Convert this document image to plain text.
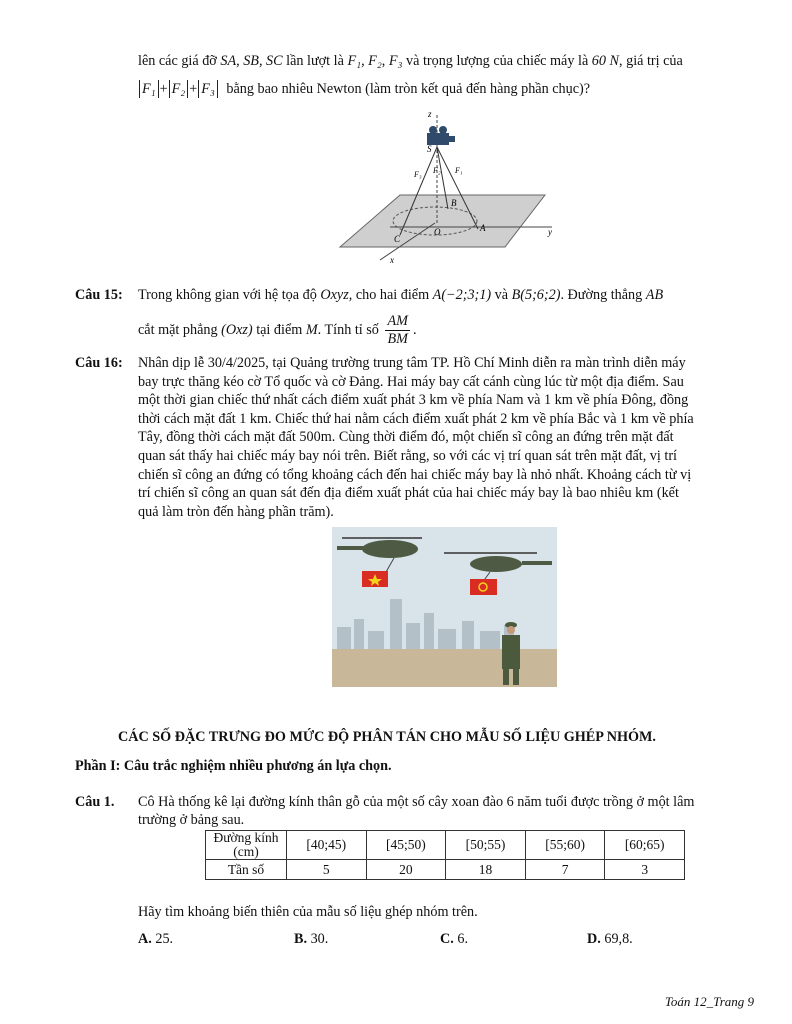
lên các giá đỡ SA, SB, SC lần lượt là F₁, F₂, F₃ và trọng lượng của chiếc máy là 60 N, giá trị của
F₁ + F₂ + F₃ bằng bao nhiêu Newton (làm tròn kết quả đến hàng phần chục)?
z
S
F₃ F₂ F₁
B
O	A
C
y
x
Câu 15: Trong không gian với hệ tọa độ Oxyz, cho hai điểm A(−2;3;1) và B(5;6;2). Đường thẳng AB
cắt mặt phẳng (Oxz) tại điểm M. Tính tỉ số $\frac{AM}{BM}$ .
Câu 16: Nhân dịp lễ 30/4/2025, tại Quảng trường trung tâm TP. Hồ Chí Minh diễn ra màn trình diễn máy
bay trực thăng kéo cờ Tổ quốc và cờ Đảng. Hai máy bay cất cánh cùng lúc từ một địa điểm. Sau
một thời gian chiếc thứ nhất cách điểm xuất phát 3 km về phía Nam và 1 km về phía Đông, đồng
thời cách mặt đất 1 km. Chiếc thứ hai nằm cách điểm xuất phát 2 km về phía Bắc và 1 km về phía
Tây, đồng thời cách mặt đất 500m. Cùng thời điểm đó, một chiến sĩ công an đứng trên mặt đất
quan sát thấy hai chiếc máy bay nói trên. Biết rằng, so với các vị trí quan sát trên mặt đất, vị trí
chiến sĩ công an đứng có tổng khoảng cách đến hai chiếc máy bay là nhỏ nhất. Khoảng cách từ vị
trí chiến sĩ công an quan sát đến địa điểm xuất phát của hai chiếc máy bay là bao nhiêu km (kết
quả làm tròn đến hàng phần trăm).
CÁC SỐ ĐẶC TRƯNG ĐO MỨC ĐỘ PHÂN TÁN CHO MẪU SỐ LIỆU GHÉP NHÓM.
Phần I: Câu trắc nghiệm nhiều phương án lựa chọn.
Câu 1. Cô Hà thống kê lại đường kính thân gỗ của một số cây xoan đào 6 năm tuổi được trồng ở một lâm
trường ở bảng sau.
Đường kính
(cm)	[40;45)	[45;50)	[50;55)	[55;60)	[60;65)
Tần số	5	20	18	7	3
Hãy tìm khoảng biến thiên của mẫu số liệu ghép nhóm trên.
A. 25.	B. 30.	C. 6.	D. 69,8.
Toán 12_Trang 9
